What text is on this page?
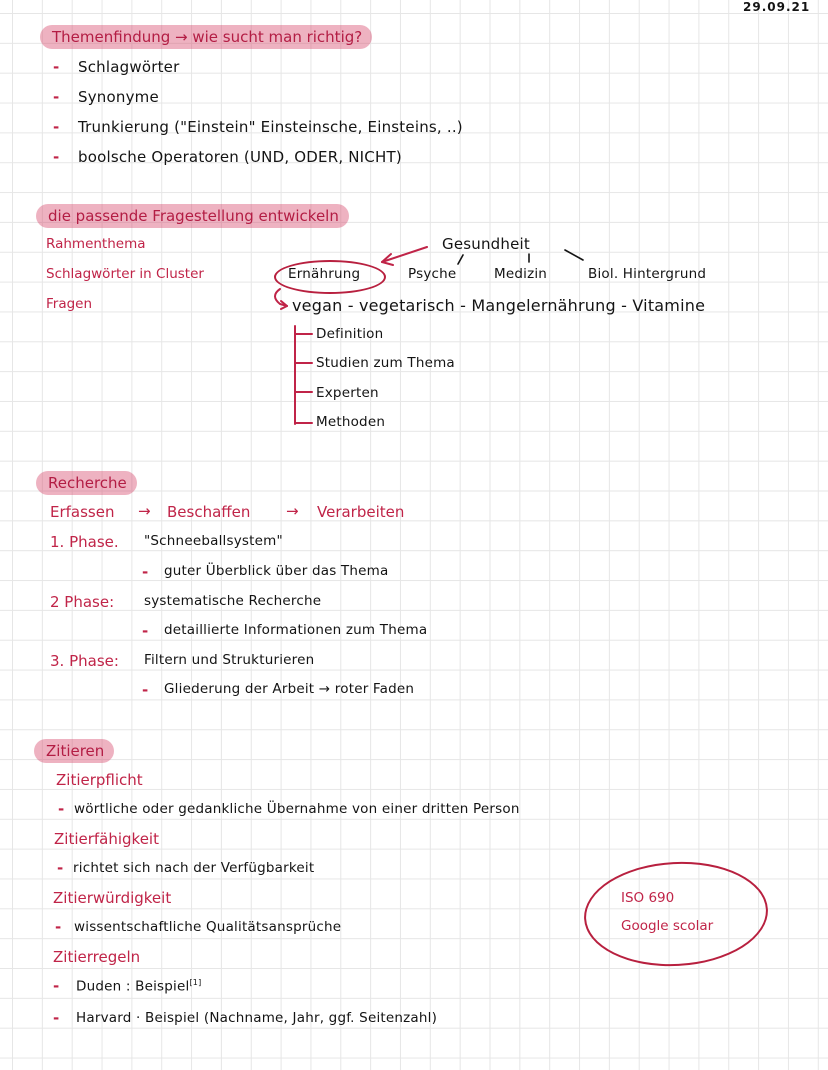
29.09.21
Themenfindung → wie sucht man richtig?
- Schlagwörter
- Synonyme
- Trunkierung ("Einstein" Einsteinsche, Einsteins, ..)
- boolsche Operatoren (UND, ODER, NICHT)
die passende Fragestellung entwickeln
Rahmenthema
Schlagwörter in Cluster
Fragen
Gesundheit
Ernährung	Psyche	Medizin	Biol. Hintergrund
vegan - vegetarisch - Mangelernährung - Vitamine
Definition
Studien zum Thema
Experten
Methoden
Recherche
Erfassen → Beschaffen → Verarbeiten
1. Phase. "Schneeballsystem"
- guter Überblick über das Thema
2 Phase: systematische Recherche
- detaillierte Informationen zum Thema
3. Phase: Filtern und Strukturieren
- Gliederung der Arbeit → roter Faden
Zitieren
Zitierpflicht
- wörtliche oder gedankliche Übernahme von einer dritten Person
Zitierfähigkeit
- richtet sich nach der Verfügbarkeit
Zitierwürdigkeit
- wissentschaftliche Qualitätsansprüche
Zitierregeln
- Duden : Beispiel[1]
- Harvard · Beispiel (Nachname, Jahr, ggf. Seitenzahl)
ISO 690
Google scolar
